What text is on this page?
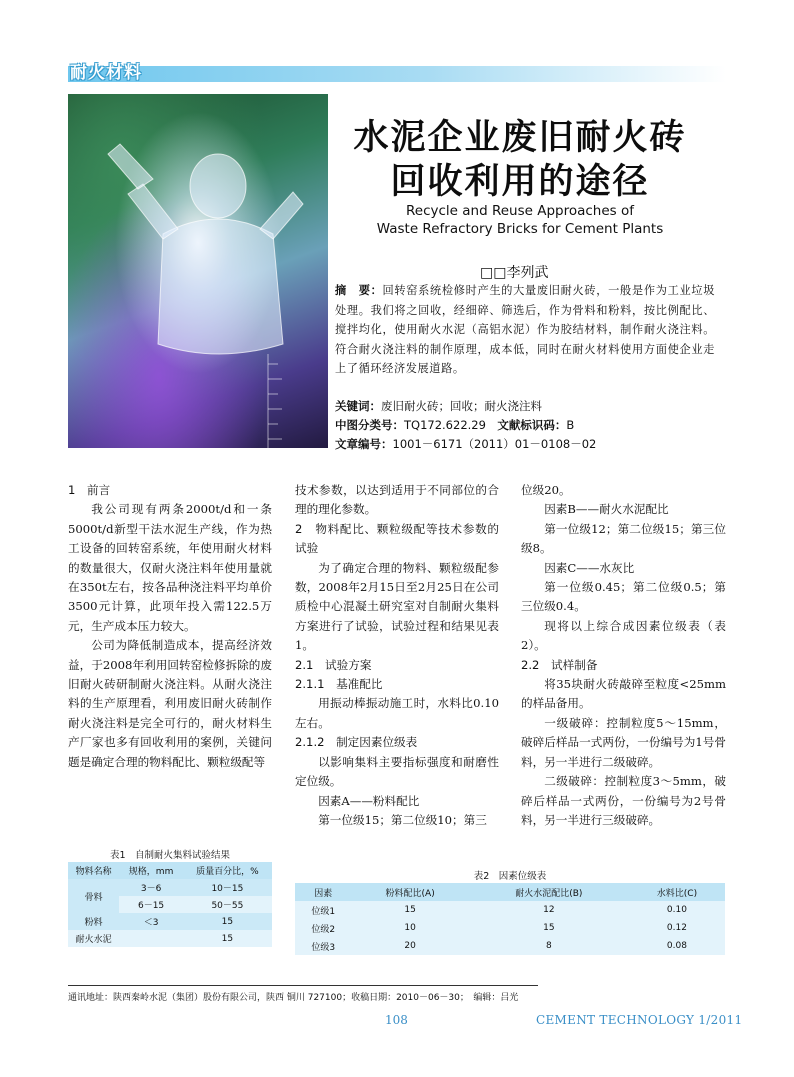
耐火材料
水泥企业废旧耐火砖
回收利用的途径
Recycle and Reuse Approaches of
Waste Refractory Bricks for Cement Plants
□□李列武
摘　要：回转窑系统检修时产生的大量废旧耐火砖，一般是作为工业垃圾处理。我们将之回收，经细碎、筛选后，作为骨料和粉料，按比例配比、搅拌均化，使用耐火水泥（高铝水泥）作为胶结材料，制作耐火浇注料。符合耐火浇注料的制作原理，成本低，同时在耐火材料使用方面使企业走上了循环经济发展道路。
关键词：废旧耐火砖；回收；耐火浇注料
中图分类号：TQ172.622.29　 文献标识码：B
文章编号：1001－6171（2011）01－0108－02

1　前言

我公司现有两条2000t/d和一条5000t/d新型干法水泥生产线，作为热工设备的回转窑系统，年使用耐火材料的数量很大，仅耐火浇注料年使用量就在350t左右，按各品种浇注料平均单价3500元计算，此项年投入需122.5万元，生产成本压力较大。

公司为降低制造成本，提高经济效益，于2008年利用回转窑检修拆除的废旧耐火砖研制耐火浇注料。从耐火浇注料的生产原理看，利用废旧耐火砖制作耐火浇注料是完全可行的，耐火材料生产厂家也多有回收利用的案例，关键问题是确定合理的物料配比、颗粒级配等

技术参数，以达到适用于不同部位的合理的理化参数。

2　物料配比、颗粒级配等技术参数的试验

为了确定合理的物料、颗粒级配参数，2008年2月15日至2月25日在公司质检中心混凝土研究室对自制耐火集料方案进行了试验，试验过程和结果见表1。

2.1　试验方案

2.1.1　基准配比

用振动棒振动施工时，水料比0.10左右。

2.1.2　制定因素位级表

以影响集料主要指标强度和耐磨性定位级。

因素A——粉料配比

第一位级15；第二位级10；第三

位级20。

因素B——耐火水泥配比

第一位级12；第二位级15；第三位级8。

因素C——水灰比

第一位级0.45；第二位级0.5；第三位级0.4。

现将以上综合成因素位级表（表2）。

2.2　试样制备

将35块耐火砖敲碎至粒度<25mm的样品备用。

一级破碎：控制粒度5～15mm，破碎后样品一式两份，一份编号为1号骨料，另一半进行二级破碎。

二级破碎：控制粒度3～5mm，破碎后样品一式两份，一份编号为2号骨料，另一半进行三级破碎。

表1　自制耐火集料试验结果
物料名称	规格，mm	质量百分比，%
骨料	3－6	10－15
	6－15	50－55
粉料	＜3	15
耐火水泥		15
表2　因素位级表
因素	粉料配比(A)	耐火水泥配比(B)	水料比(C)
位级1	15	12	0.10
位级2	10	15	0.12
位级3	20	8	0.08
通讯地址：陕西秦岭水泥（集团）股份有限公司，陕西 铜川 727100；收稿日期：2010－06－30；　编辑：吕光
108	CEMENT TECHNOLOGY 1/2011
